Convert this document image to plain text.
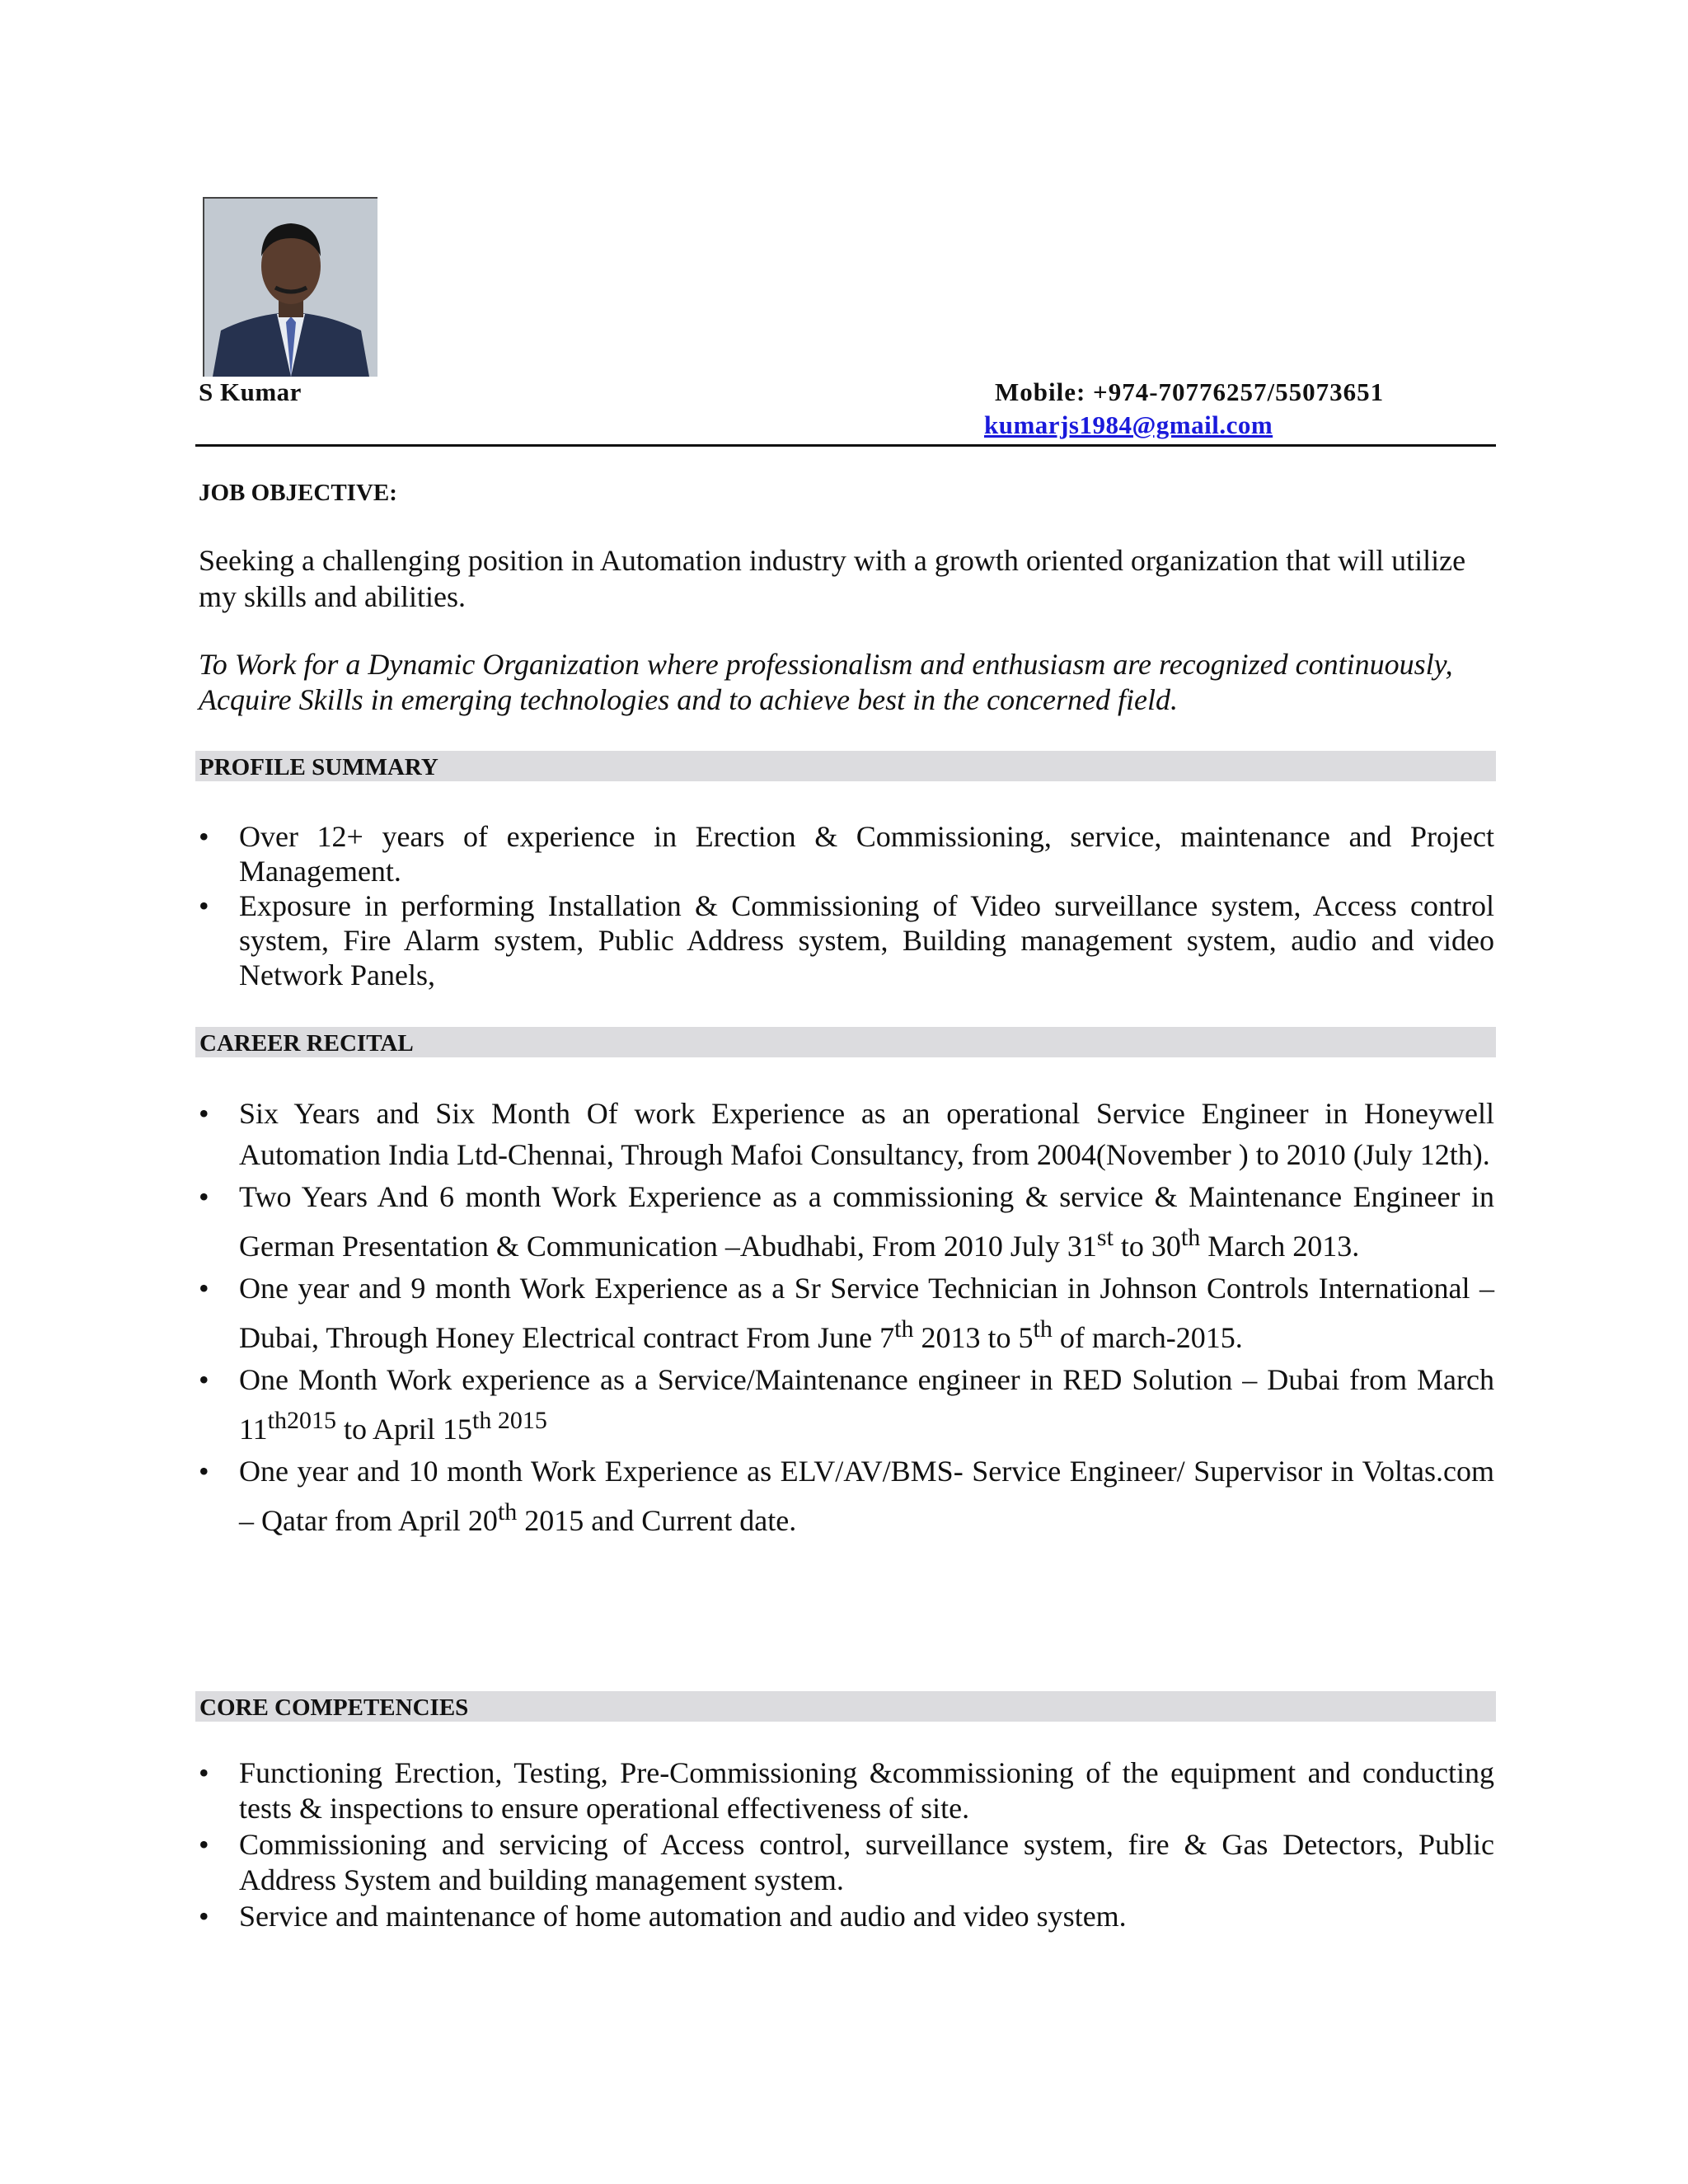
S Kumar	Mobile: +974-70776257/55073651
kumarjs1984@gmail.com
JOB OBJECTIVE:
Seeking a challenging position in Automation industry with a growth oriented organization that will utilize my skills and abilities.
To Work for a Dynamic Organization where professionalism and enthusiasm are recognized continuously, Acquire Skills in emerging technologies and to achieve best in the concerned field.
PROFILE SUMMARY
• Over 12+ years of experience in Erection & Commissioning, service, maintenance and Project Management.
• Exposure in performing Installation & Commissioning of Video surveillance system, Access control system, Fire Alarm system, Public Address system, Building management system, audio and video Network Panels,
CAREER RECITAL
• Six Years and Six Month Of work Experience as an operational Service Engineer in Honeywell Automation India Ltd-Chennai, Through Mafoi Consultancy, from 2004(November ) to 2010 (July 12th).
• Two Years And 6 month Work Experience as a commissioning & service & Maintenance Engineer in German Presentation & Communication –Abudhabi, From 2010 July 31st to 30th March 2013.
• One year and 9 month Work Experience as a Sr Service Technician in Johnson Controls International – Dubai, Through Honey Electrical contract From June 7th 2013 to 5th of march-2015.
• One Month Work experience as a Service/Maintenance engineer in RED Solution – Dubai from March $11^{th2015}$ to April $15^{th 2015}$
• One year and 10 month Work Experience as ELV/AV/BMS- Service Engineer/ Supervisor in Voltas.com – Qatar from April 20th 2015 and Current date.
CORE COMPETENCIES
• Functioning Erection, Testing, Pre-Commissioning &commissioning of the equipment and conducting tests & inspections to ensure operational effectiveness of site.
• Commissioning and servicing of Access control, surveillance system, fire & Gas Detectors, Public Address System and building management system.
• Service and maintenance of home automation and audio and video system.
